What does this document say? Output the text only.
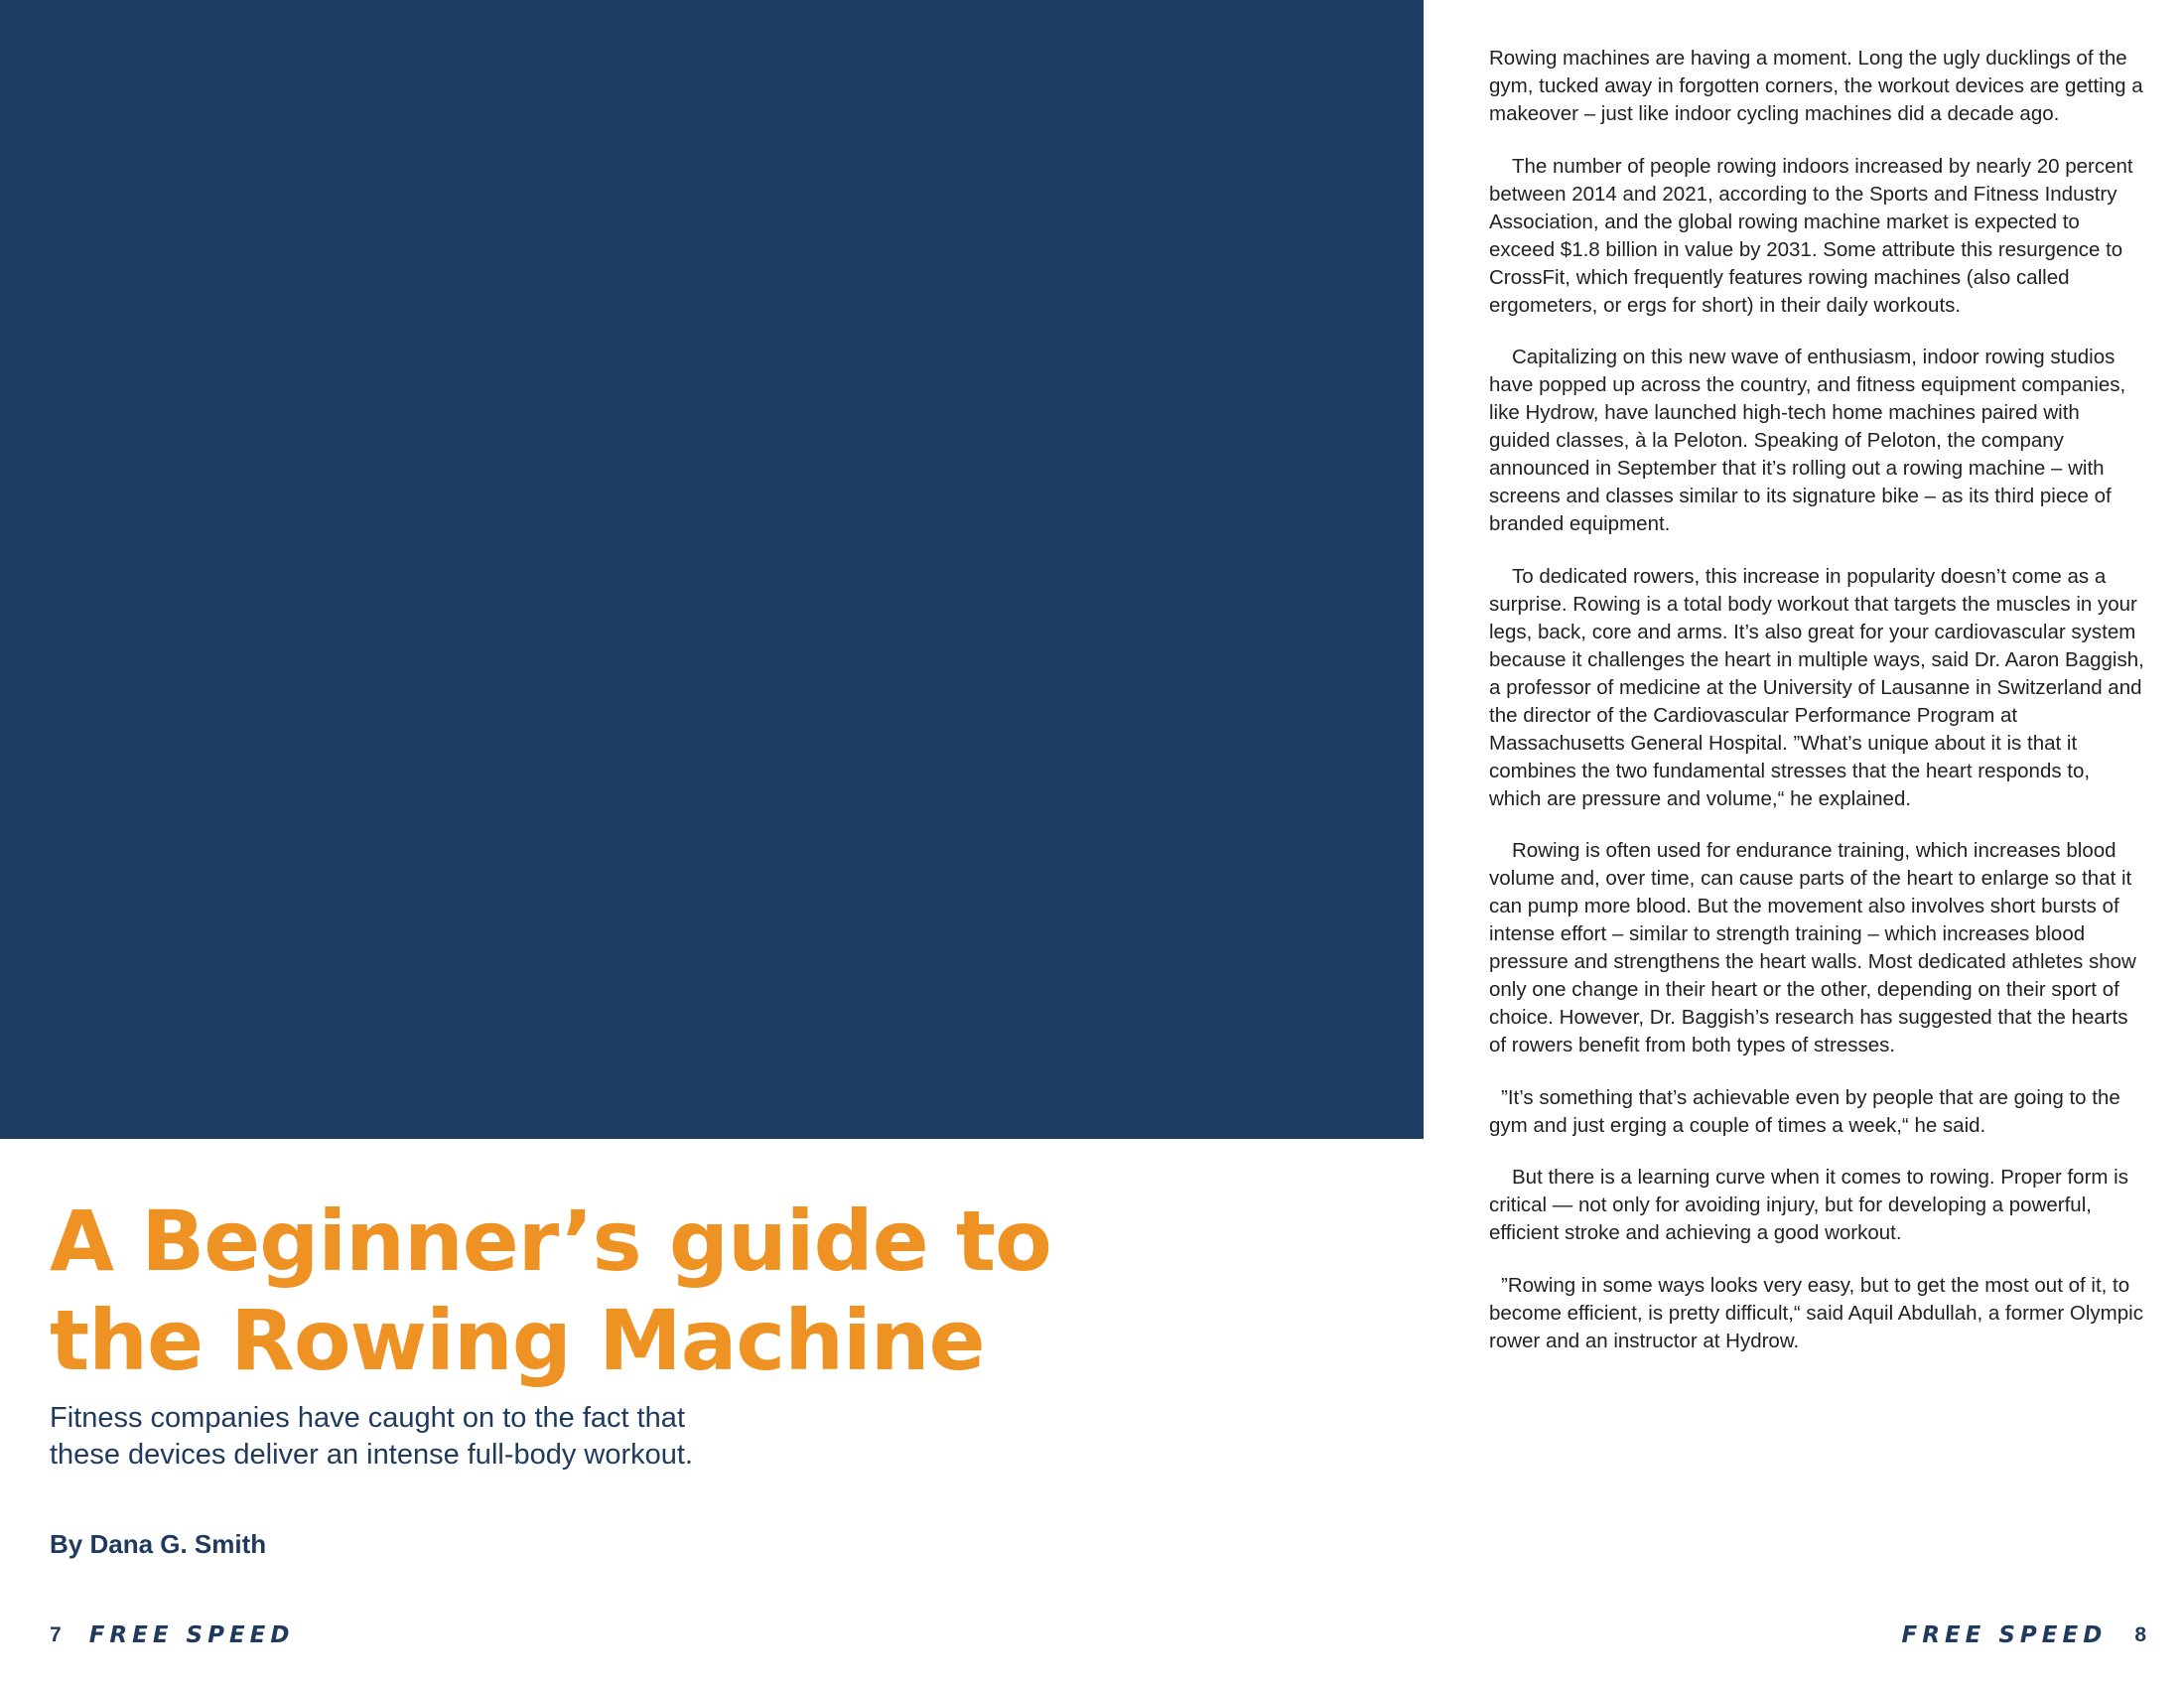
A Beginner’s guide to
the Rowing Machine

Fitness companies have caught on to the fact that these devices deliver an intense full-body workout.

By Dana G. Smith

7 FREE SPEED

Rowing machines are having a moment. Long the ugly ducklings of the gym, tucked away in forgotten corners, the workout devices are getting a makeover – just like indoor cycling machines did a decade ago.

The number of people rowing indoors increased by nearly 20 percent between 2014 and 2021, according to the Sports and Fitness Industry Association, and the global rowing machine market is expected to exceed $1.8 billion in value by 2031. Some attribute this resurgence to CrossFit, which frequently features rowing machines (also called ergometers, or ergs for short) in their daily workouts.

Capitalizing on this new wave of enthusiasm, indoor rowing studios have popped up across the country, and fitness equipment companies, like Hydrow, have launched high-tech home machines paired with guided classes, à la Peloton. Speaking of Peloton, the company announced in September that it’s rolling out a rowing machine – with screens and classes similar to its signature bike – as its third piece of branded equipment.

To dedicated rowers, this increase in popularity doesn’t come as a surprise. Rowing is a total body workout that targets the muscles in your legs, back, core and arms. It’s also great for your cardiovascular system because it challenges the heart in multiple ways, said Dr. Aaron Baggish, a professor of medicine at the University of Lausanne in Switzerland and the director of the Cardiovascular Performance Program at Massachusetts General Hospital. ”What’s unique about it is that it combines the two fundamental stresses that the heart responds to, which are pressure and volume,“ he explained.

Rowing is often used for endurance training, which increases blood volume and, over time, can cause parts of the heart to enlarge so that it can pump more blood. But the movement also involves short bursts of intense effort – similar to strength training – which increases blood pressure and strengthens the heart walls. Most dedicated athletes show only one change in their heart or the other, depending on their sport of choice. However, Dr. Baggish’s research has suggested that the hearts of rowers benefit from both types of stresses.

”It’s something that’s achievable even by people that are going to the gym and just erging a couple of times a week,“ he said.

But there is a learning curve when it comes to rowing. Proper form is critical — not only for avoiding injury, but for developing a powerful, efficient stroke and achieving a good workout.

”Rowing in some ways looks very easy, but to get the most out of it, to become efficient, is pretty difficult,“ said Aquil Abdullah, a former Olympic rower and an instructor at Hydrow.

FREE SPEED 8
